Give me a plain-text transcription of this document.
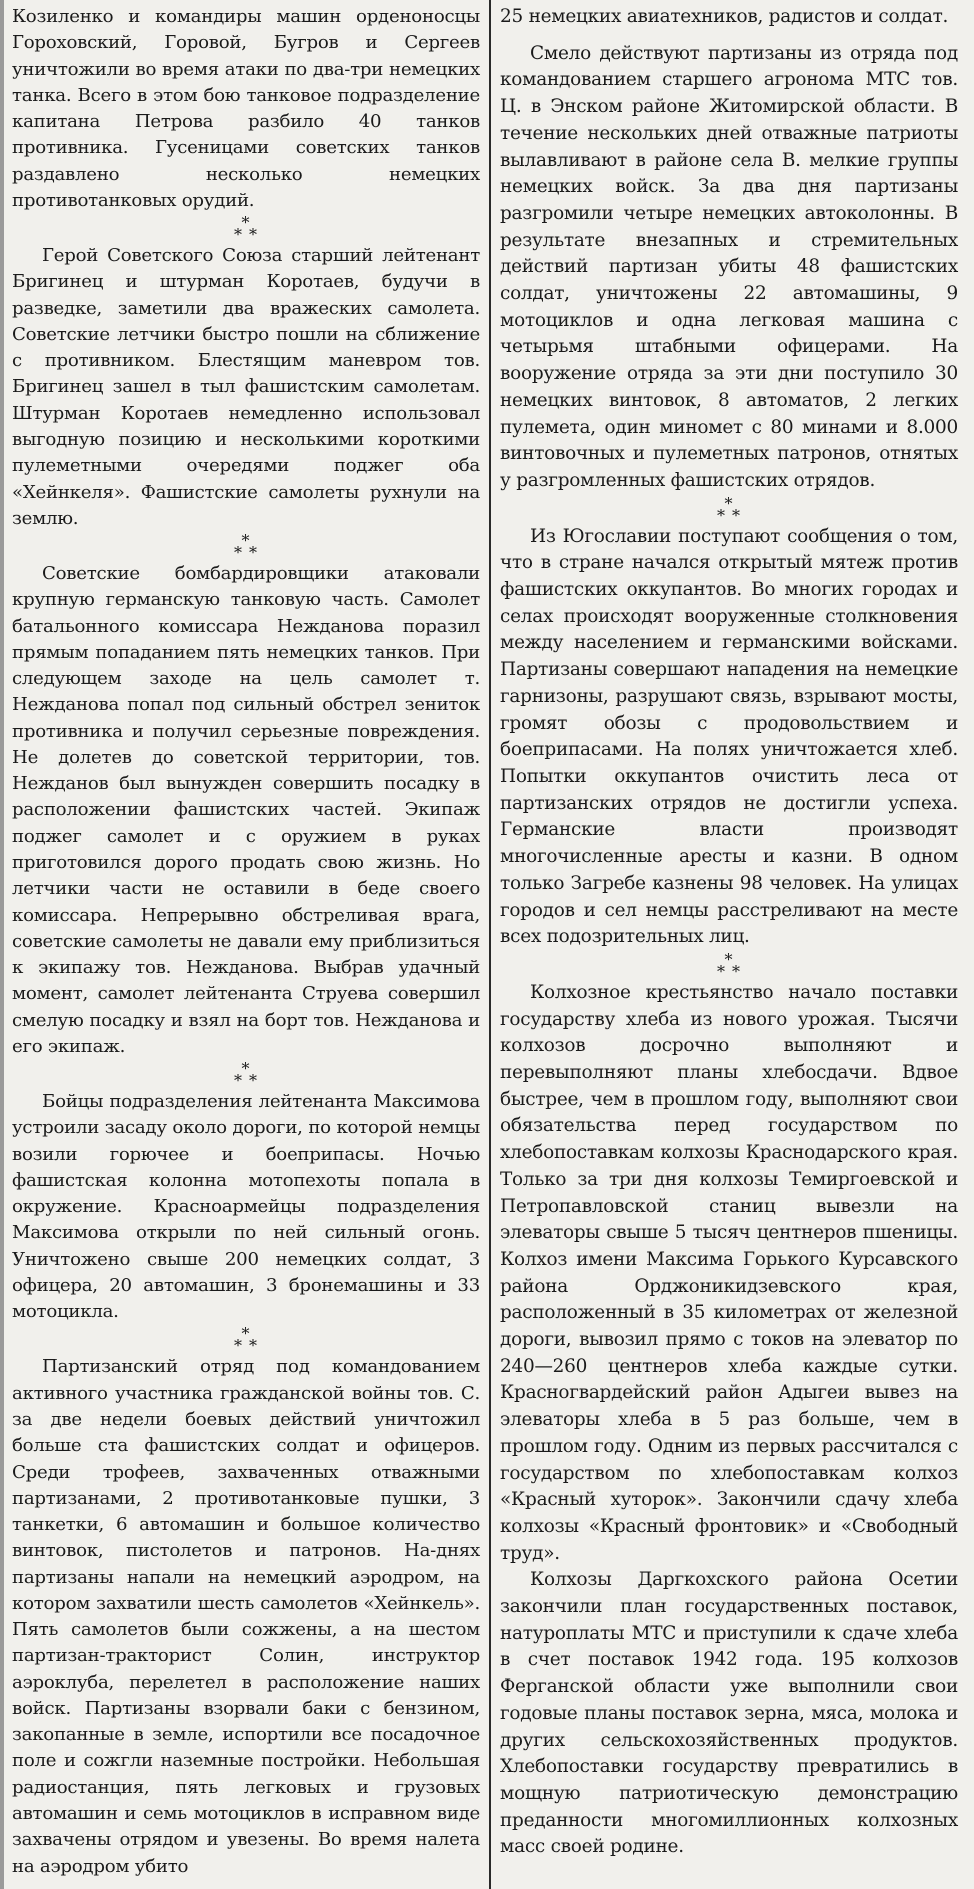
Козиленко и командиры машин орденоносцы Гороховский, Горовой, Бугров и Сергеев уничтожили во время атаки по два-три немецких танка. Всего в этом бою танковое подразделение капитана Петрова разбило 40 танков противника. Гусеницами советских танков раздавлено несколько немецких противотанковых орудий.

*
* *

Герой Советского Союза старший лейтенант Бригинец и штурман Коротаев, будучи в разведке, заметили два вражеских самолета. Советские летчики быстро пошли на сближение с противником. Блестящим маневром тов. Бригинец зашел в тыл фашистским самолетам. Штурман Коротаев немедленно использовал выгодную позицию и несколькими короткими пулеметными очередями поджег оба «Хейнкеля». Фашистские самолеты рухнули на землю.

*
* *

Советские бомбардировщики атаковали крупную германскую танковую часть. Самолет батальонного комиссара Нежданова поразил прямым попаданием пять немецких танков. При следующем заходе на цель самолет т. Нежданова попал под сильный обстрел зениток противника и получил серьезные повреждения. Не долетев до советской территории, тов. Нежданов был вынужден совершить посадку в расположении фашистских частей. Экипаж поджег самолет и с оружием в руках приготовился дорого продать свою жизнь. Но летчики части не оставили в беде своего комиссара. Непрерывно обстреливая врага, советские самолеты не давали ему приблизиться к экипажу тов. Нежданова. Выбрав удачный момент, самолет лейтенанта Струева совершил смелую посадку и взял на борт тов. Нежданова и его экипаж.

*
* *

Бойцы подразделения лейтенанта Максимова устроили засаду около дороги, по которой немцы возили горючее и боеприпасы. Ночью фашистская колонна мотопехоты попала в окружение. Красноармейцы подразделения Максимова открыли по ней сильный огонь. Уничтожено свыше 200 немецких солдат, 3 офицера, 20 автомашин, 3 бронемашины и 33 мотоцикла.

*
* *

Партизанский отряд под командованием активного участника гражданской войны тов. С. за две недели боевых действий уничтожил больше ста фашистских солдат и офицеров. Среди трофеев, захваченных отважными партизанами, 2 противотанковые пушки, 3 танкетки, 6 автомашин и большое количество винтовок, пистолетов и патронов. На-днях партизаны напали на немецкий аэродром, на котором захватили шесть самолетов «Хейнкель». Пять самолетов были сожжены, а на шестом партизан-тракторист Солин, инструктор аэроклуба, перелетел в расположение наших войск. Партизаны взорвали баки с бензином, закопанные в земле, испортили все посадочное поле и сожгли наземные постройки. Небольшая радиостанция, пять легковых и грузовых автомашин и семь мотоциклов в исправном виде захвачены отрядом и увезены. Во время налета на аэродром убито

25 немецких авиатехников, радистов и солдат.

Смело действуют партизаны из отряда под командованием старшего агронома МТС тов. Ц. в Энском районе Житомирской области. В течение нескольких дней отважные патриоты вылавливают в районе села В. мелкие группы немецких войск. За два дня партизаны разгромили четыре немецких автоколонны. В результате внезапных и стремительных действий партизан убиты 48 фашистских солдат, уничтожены 22 автомашины, 9 мотоциклов и одна легковая машина с четырьмя штабными офицерами. На вооружение отряда за эти дни поступило 30 немецких винтовок, 8 автоматов, 2 легких пулемета, один миномет с 80 минами и 8.000 винтовочных и пулеметных патронов, отнятых у разгромленных фашистских отрядов.

*
* *

Из Югославии поступают сообщения о том, что в стране начался открытый мятеж против фашистских оккупантов. Во многих городах и селах происходят вооруженные столкновения между населением и германскими войсками. Партизаны совершают нападения на немецкие гарнизоны, разрушают связь, взрывают мосты, громят обозы с продовольствием и боеприпасами. На полях уничтожается хлеб. Попытки оккупантов очистить леса от партизанских отрядов не достигли успеха. Германские власти производят многочисленные аресты и казни. В одном только Загребе казнены 98 человек. На улицах городов и сел немцы расстреливают на месте всех подозрительных лиц.

*
* *

Колхозное крестьянство начало поставки государству хлеба из нового урожая. Тысячи колхозов досрочно выполняют и перевыполняют планы хлебосдачи. Вдвое быстрее, чем в прошлом году, выполняют свои обязательства перед государством по хлебопоставкам колхозы Краснодарского края. Только за три дня колхозы Темиргоевской и Петропавловской станиц вывезли на элеваторы свыше 5 тысяч центнеров пшеницы. Колхоз имени Максима Горького Курсавского района Орджоникидзевского края, расположенный в 35 километрах от железной дороги, вывозил прямо с токов на элеватор по 240—260 центнеров хлеба каждые сутки. Красногвардейский район Адыгеи вывез на элеваторы хлеба в 5 раз больше, чем в прошлом году. Одним из первых рассчитался с государством по хлебопоставкам колхоз «Красный хуторок». Закончили сдачу хлеба колхозы «Красный фронтовик» и «Свободный труд».

Колхозы Даргкохского района Осетии закончили план государственных поставок, натуроплаты МТС и приступили к сдаче хлеба в счет поставок 1942 года. 195 колхозов Ферганской области уже выполнили свои годовые планы поставок зерна, мяса, молока и других сельскохозяйственных продуктов. Хлебопоставки государству превратились в мощную патриотическую демонстрацию преданности многомиллионных колхозных масс своей родине.
